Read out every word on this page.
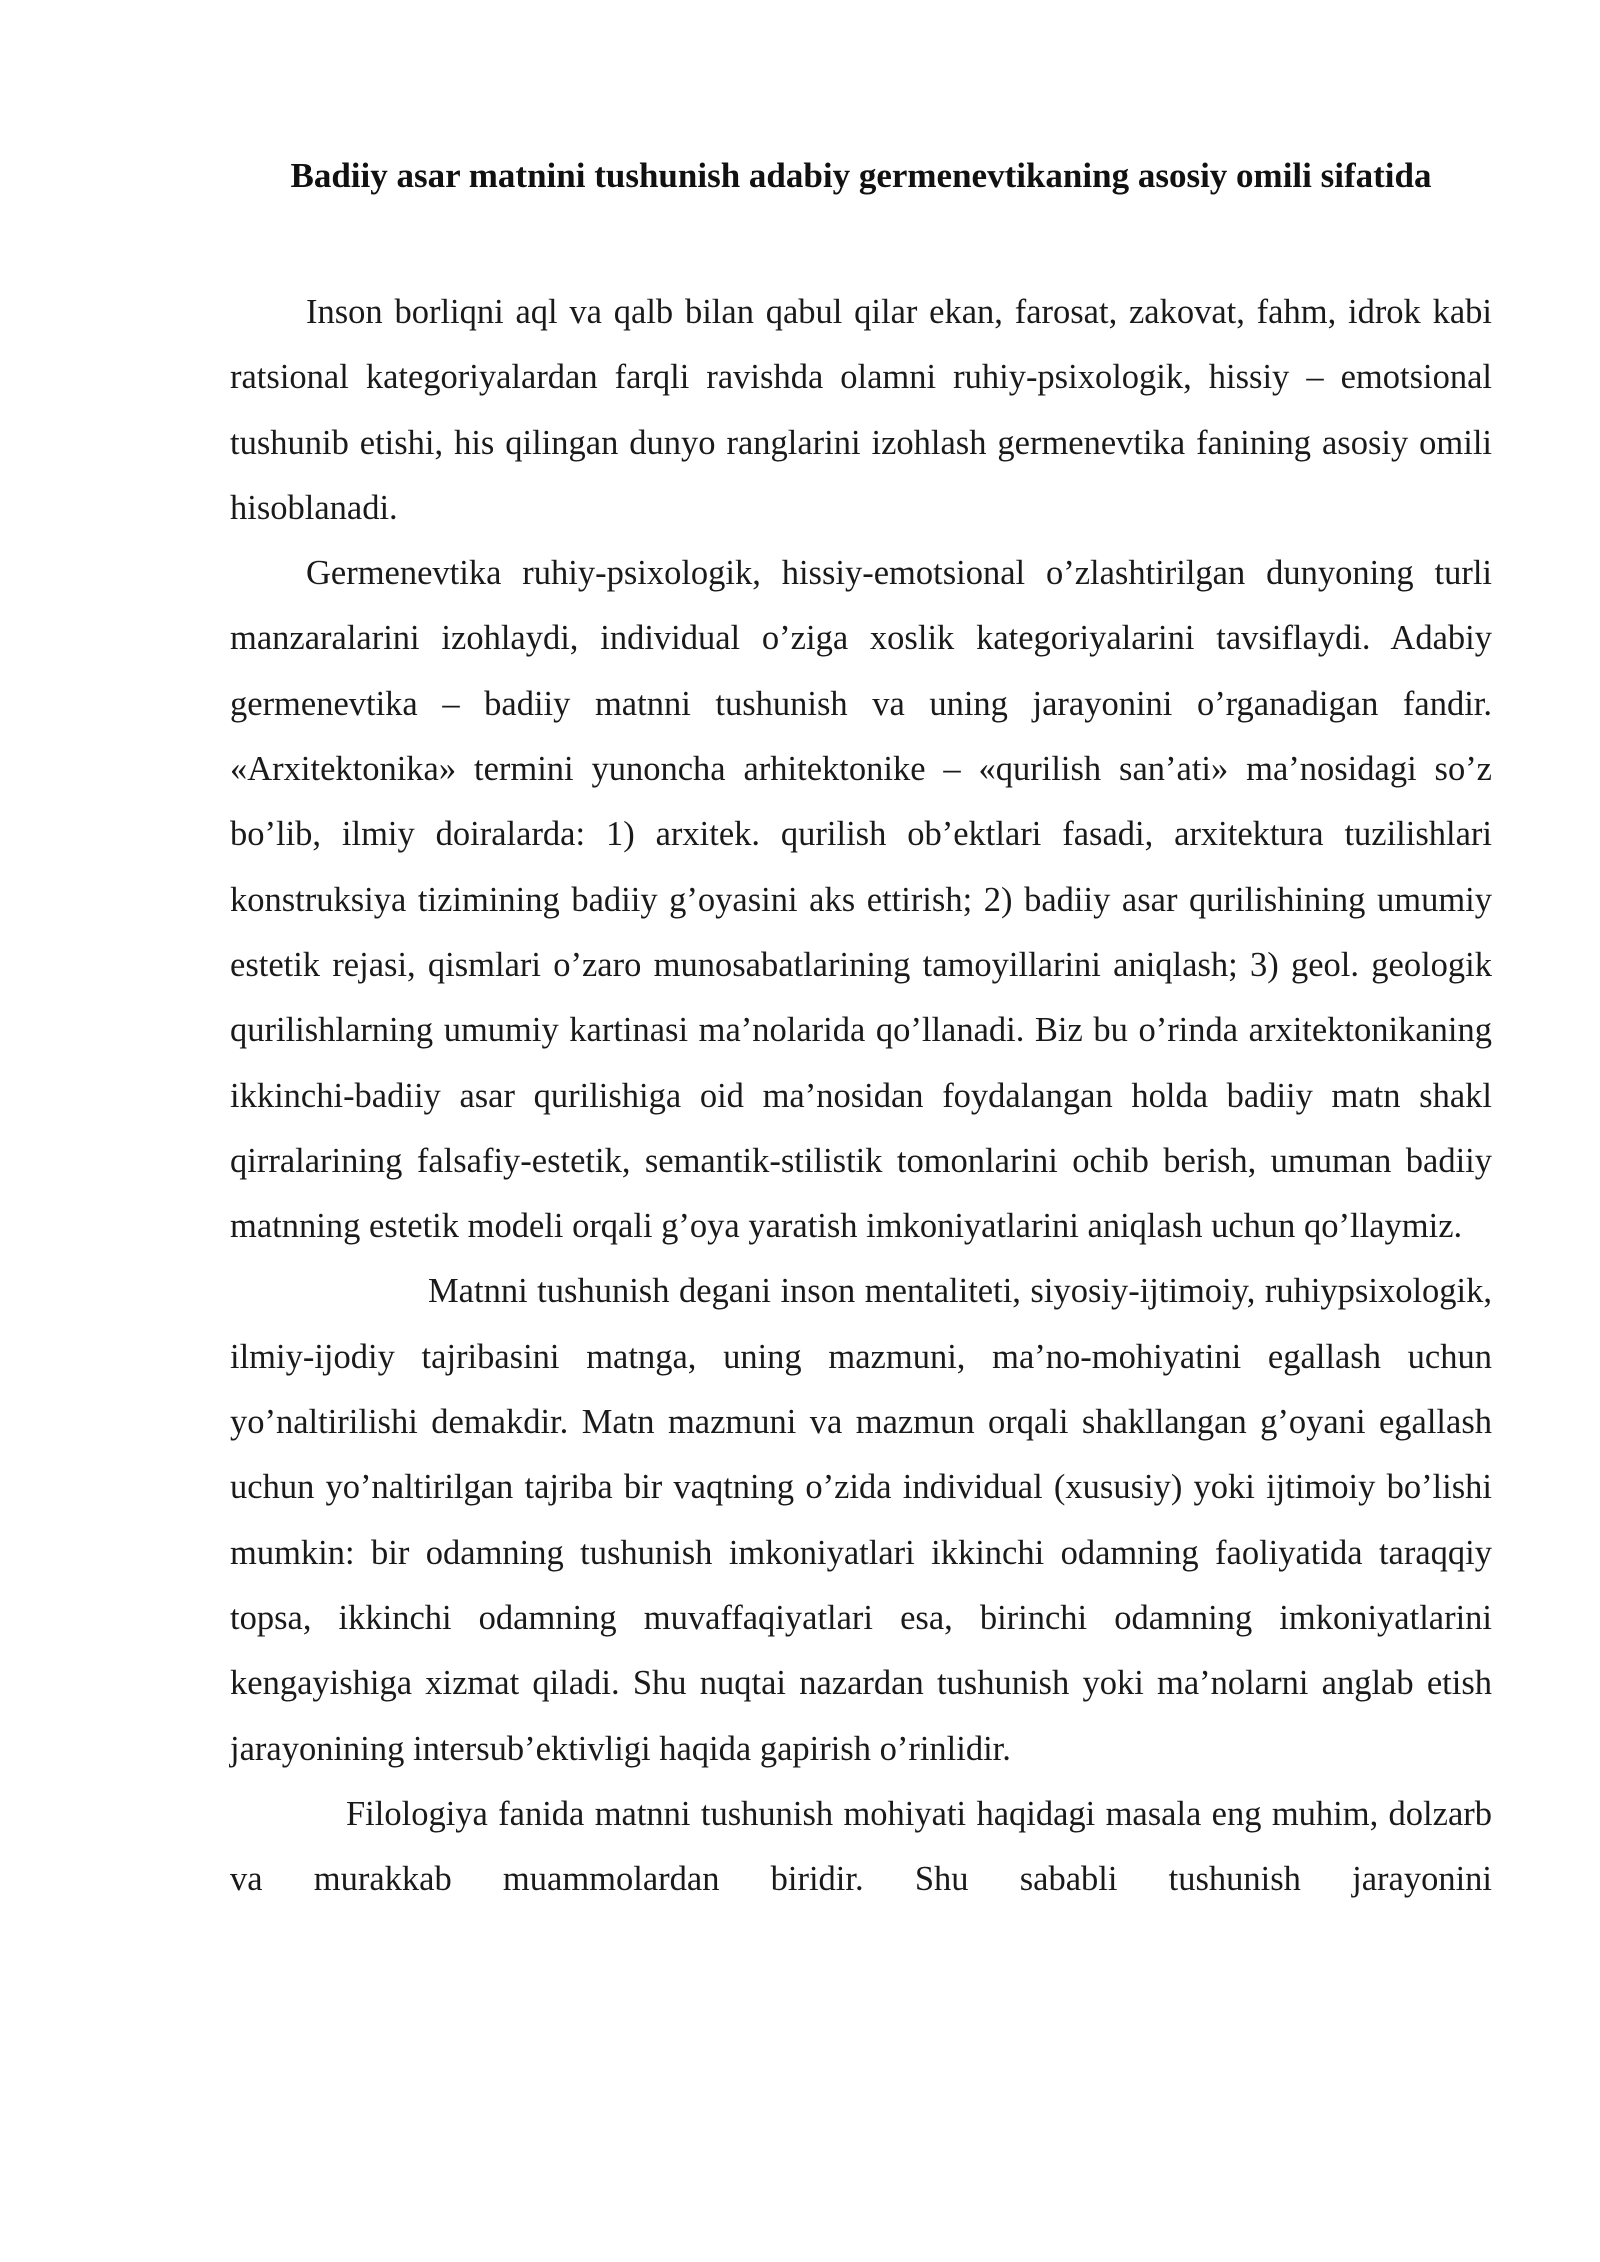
Badiiy asar matnini tushunish adabiy germenevtikaning asosiy omili sifatida

Inson borliqni aql va qalb bilan qabul qilar ekan, farosat, zakovat, fahm, idrok kabi ratsional kategoriyalardan farqli ravishda olamni ruhiy-psixologik, hissiy – emotsional tushunib etishi, his qilingan dunyo ranglarini izohlash germenevtika fanining asosiy omili hisoblanadi.

Germenevtika ruhiy-psixologik, hissiy-emotsional o’zlashtirilgan dunyoning turli manzaralarini izohlaydi, individual o’ziga xoslik kategoriyalarini tavsiflaydi. Adabiy germenevtika – badiiy matnni tushunish va uning jarayonini o’rganadigan fandir. «Arxitektonika» termini yunoncha arhitektonike – «qurilish san’ati» ma’nosidagi so’z bo’lib, ilmiy doiralarda: 1) arxitek. qurilish ob’ektlari fasadi, arxitektura tuzilishlari konstruksiya tizimining badiiy g’oyasini aks ettirish; 2) badiiy asar qurilishining umumiy estetik rejasi, qismlari o’zaro munosabatlarining tamoyillarini aniqlash; 3) geol. geologik qurilishlarning umumiy kartinasi ma’nolarida qo’llanadi. Biz bu o’rinda arxitektonikaning ikkinchi-badiiy asar qurilishiga oid ma’nosidan foydalangan holda badiiy matn shakl qirralarining falsafiy-estetik, semantik-stilistik tomonlarini ochib berish, umuman badiiy matnning estetik modeli orqali g’oya yaratish imkoniyatlarini aniqlash uchun qo’llaymiz.

Matnni tushunish degani inson mentaliteti, siyosiy-ijtimoiy, ruhiypsixologik, ilmiy-ijodiy tajribasini matnga, uning mazmuni, ma’no-mohiyatini egallash uchun yo’naltirilishi demakdir. Matn mazmuni va mazmun orqali shakllangan g’oyani egallash uchun yo’naltirilgan tajriba bir vaqtning o’zida individual (xususiy) yoki ijtimoiy bo’lishi mumkin: bir odamning tushunish imkoniyatlari ikkinchi odamning faoliyatida taraqqiy topsa, ikkinchi odamning muvaffaqiyatlari esa, birinchi odamning imkoniyatlarini kengayishiga xizmat qiladi. Shu nuqtai nazardan tushunish yoki ma’nolarni anglab etish jarayonining intersub’ektivligi haqida gapirish o’rinlidir.

Filologiya fanida matnni tushunish mohiyati haqidagi masala eng muhim, dolzarb va murakkab muammolardan biridir. Shu sababli tushunish jarayonini
